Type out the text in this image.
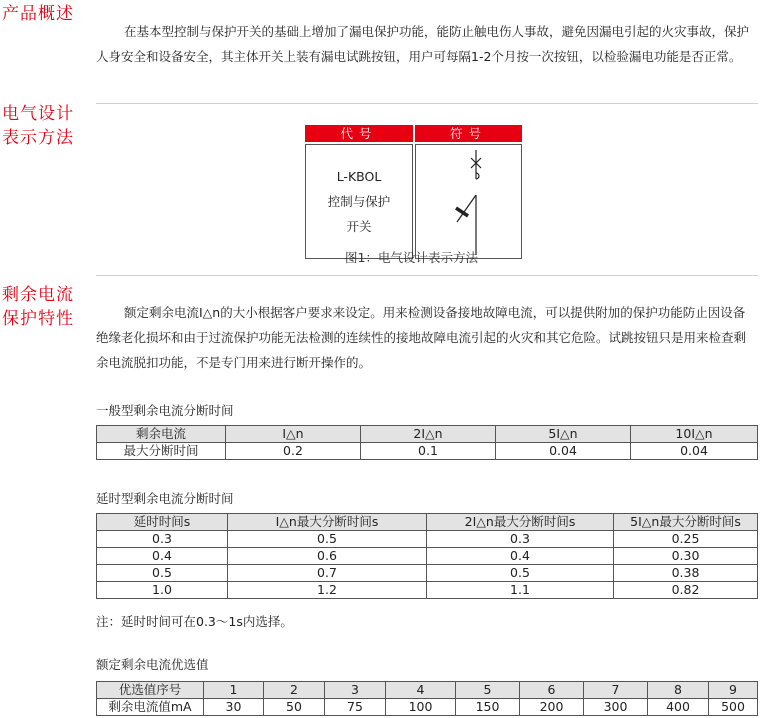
产品概述
在基本型控制与保护开关的基础上增加了漏电保护功能，能防止触电伤人事故，避免因漏电引起的火灾事故，保护人身安全和设备安全，其主体开关上装有漏电试跳按钮，用户可每隔1-2个月按一次按钮，以检验漏电功能是否正常。
电气设计
表示方法	代号	符号
L-KBOL
控制与保护
开关
图1：电气设计表示方法
剩余电流
保护特性	额定剩余电流I△n的大小根据客户要求来设定。用来检测设备接地故障电流，可以提供附加的保护功能防止因设备绝缘老化损坏和由于过流保护功能无法检测的连续性的接地故障电流引起的火灾和其它危险。试跳按钮只是用来检查剩余电流脱扣功能，不是专门用来进行断开操作的。
一般型剩余电流分断时间
剩余电流	I△n	2I△n	5I△n	10I△n
最大分断时间	0.2	0.1	0.04	0.04
延时型剩余电流分断时间
延时时间s	I△n最大分断时间s	2I△n最大分断时间s	5I△n最大分断时间s
0.3	0.5	0.3	0.25
0.4	0.6	0.4	0.30
0.5	0.7	0.5	0.38
1.0	1.2	1.1	0.82
注：延时时间可在0.3～1s内选择。
额定剩余电流优选值
优选值序号	1	2	3	4	5	6	7	8	9
剩余电流值mA	30	50	75	100	150	200	300	400	500
